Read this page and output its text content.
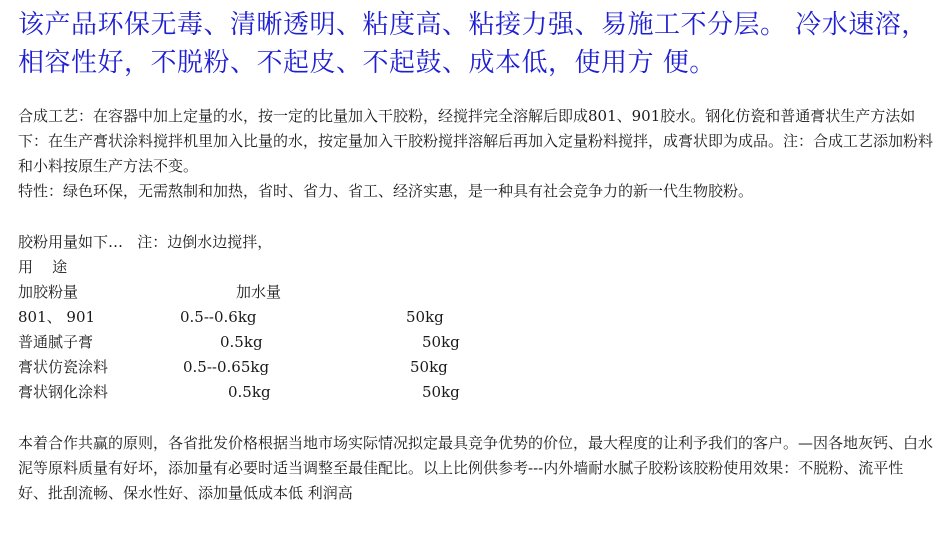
该产品环保无毒、清晰透明、粘度高、粘接力强、易施工不分层。 冷水速溶，相容性好，不脱粉、不起皮、不起鼓、成本低，使用方 便。

合成工艺：在容器中加上定量的水，按一定的比量加入干胶粉，经搅拌完全溶解后即成801、901胶水。钢化仿瓷和普通膏状生产方法如下：在生产膏状涂料搅拌机里加入比量的水，按定量加入干胶粉搅拌溶解后再加入定量粉料搅拌，成膏状即为成品。注：合成工艺添加粉料和小料按原生产方法不变。

特性：绿色环保，无需熬制和加热，省时、省力、省工、经济实惠，是一种具有社会竞争力的新一代生物胶粉。

胶粉用量如下…   注：边倒水边搅拌，
用    途
加胶粉量	加水量
801、 901	0.5--0.6kg	50kg
普通腻子膏	0.5kg	50kg
膏状仿瓷涂料	0.5--0.65kg	50kg
膏状钢化涂料	0.5kg	50kg

本着合作共赢的原则，各省批发价格根据当地市场实际情况拟定最具竞争优势的价位，最大程度的让利予我们的客户。—因各地灰钙、白水泥等原料质量有好坏，添加量有必要时适当调整至最佳配比。以上比例供参考---内外墙耐水腻子胶粉该胶粉使用效果：不脱粉、流平性好、批刮流畅、保水性好、添加量低成本低 利润高
